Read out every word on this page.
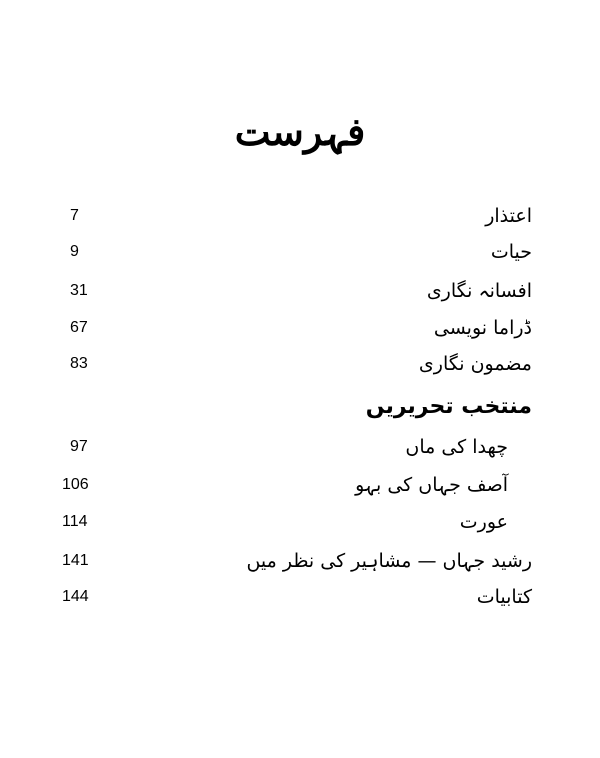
فہرست
اعتذار
7
حیات
9
افسانہ نگاری
31
ڈراما نویسی
67
مضمون نگاری
83
منتخب تحریریں
چھدا کی ماں
97
آصف جہاں کی بہو
106
عورت
114
رشید جہاں — مشاہیر کی نظر میں
141
کتابیات
144
